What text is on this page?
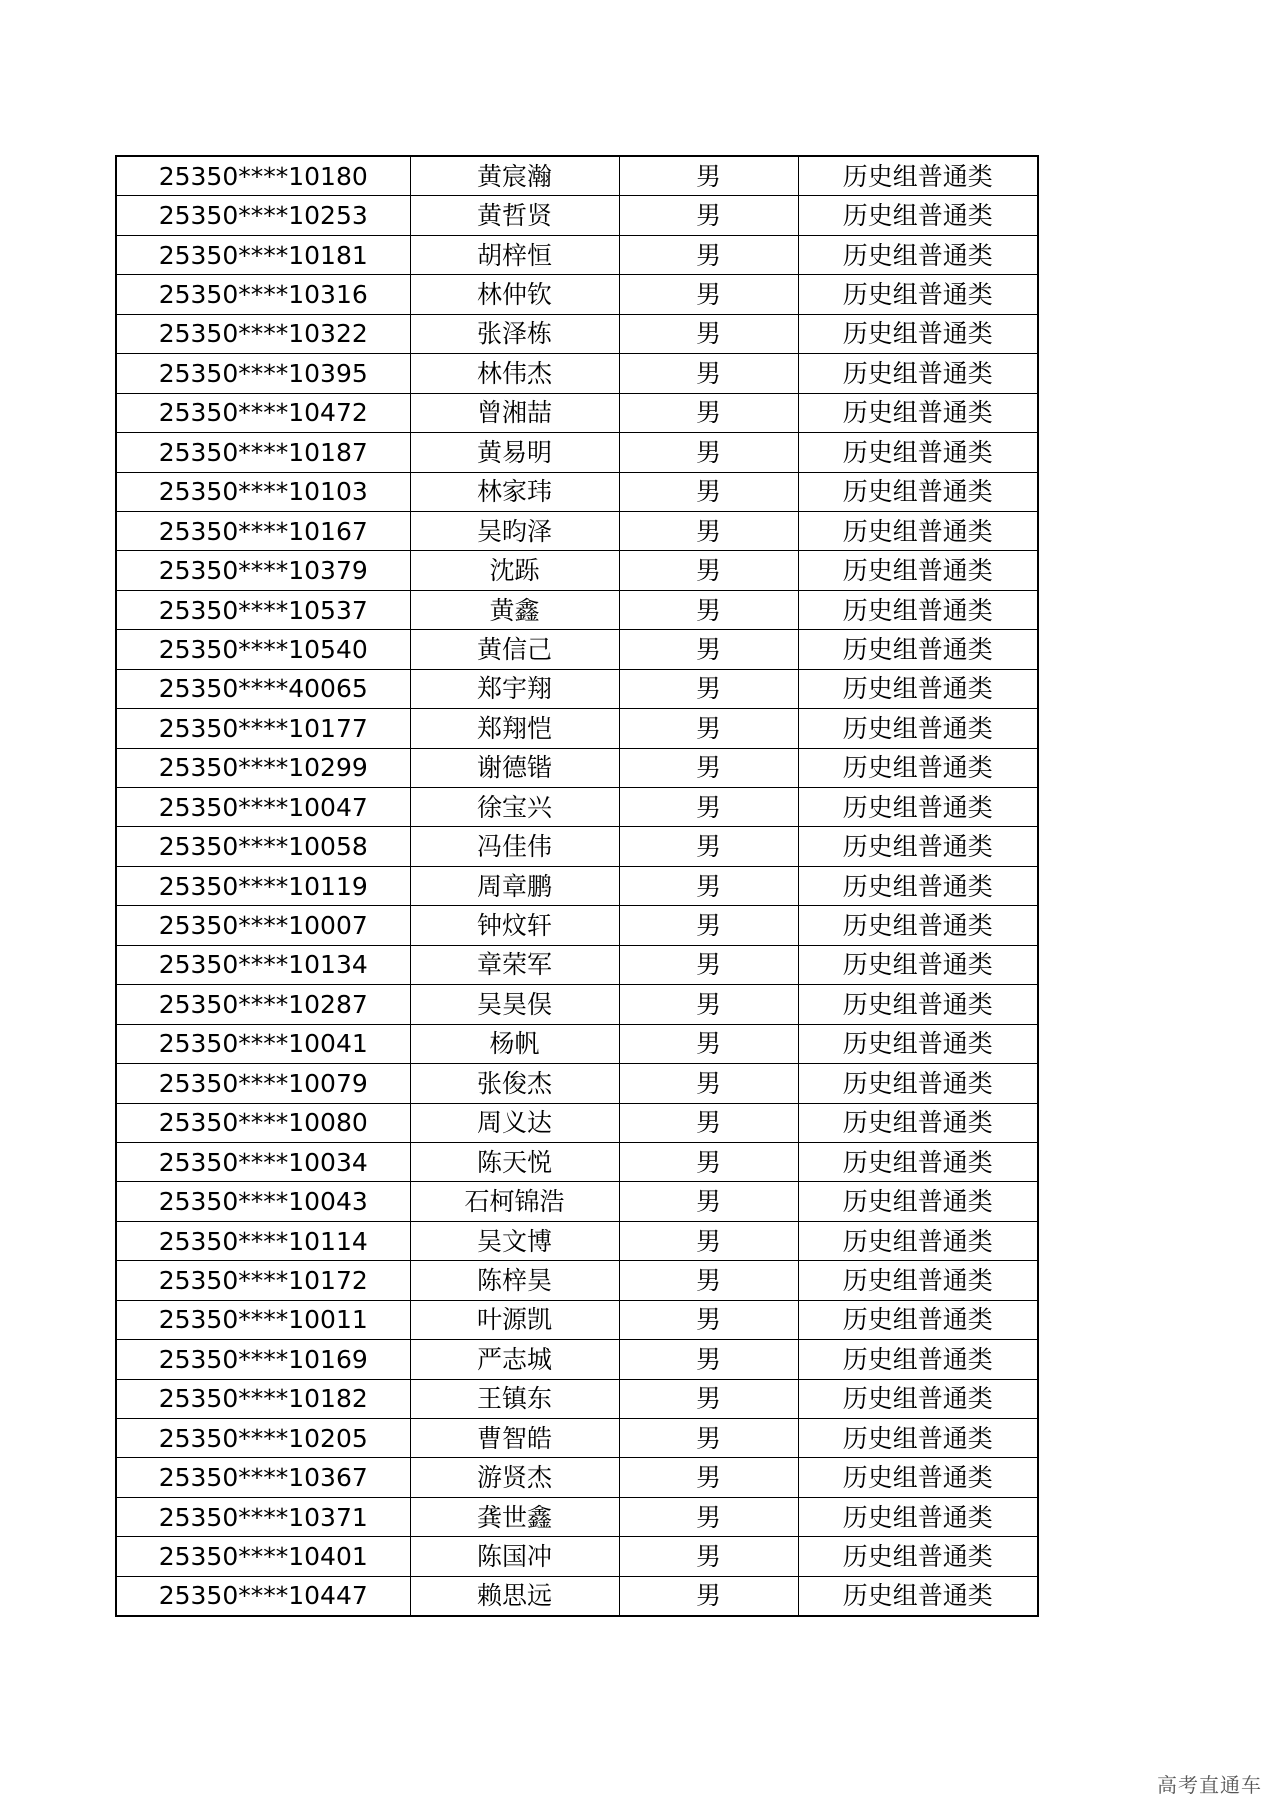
25350****10180	黄宸瀚	男	历史组普通类
25350****10253	黄哲贤	男	历史组普通类
25350****10181	胡梓恒	男	历史组普通类
25350****10316	林仲钦	男	历史组普通类
25350****10322	张泽栋	男	历史组普通类
25350****10395	林伟杰	男	历史组普通类
25350****10472	曾湘喆	男	历史组普通类
25350****10187	黄易明	男	历史组普通类
25350****10103	林家玮	男	历史组普通类
25350****10167	吴昀泽	男	历史组普通类
25350****10379	沈跞	男	历史组普通类
25350****10537	黄鑫	男	历史组普通类
25350****10540	黄信己	男	历史组普通类
25350****40065	郑宇翔	男	历史组普通类
25350****10177	郑翔恺	男	历史组普通类
25350****10299	谢德锴	男	历史组普通类
25350****10047	徐宝兴	男	历史组普通类
25350****10058	冯佳伟	男	历史组普通类
25350****10119	周章鹏	男	历史组普通类
25350****10007	钟炆轩	男	历史组普通类
25350****10134	章荣军	男	历史组普通类
25350****10287	吴昊俣	男	历史组普通类
25350****10041	杨帆	男	历史组普通类
25350****10079	张俊杰	男	历史组普通类
25350****10080	周义达	男	历史组普通类
25350****10034	陈天悦	男	历史组普通类
25350****10043	石柯锦浩	男	历史组普通类
25350****10114	吴文博	男	历史组普通类
25350****10172	陈梓昊	男	历史组普通类
25350****10011	叶源凯	男	历史组普通类
25350****10169	严志城	男	历史组普通类
25350****10182	王镇东	男	历史组普通类
25350****10205	曹智皓	男	历史组普通类
25350****10367	游贤杰	男	历史组普通类
25350****10371	龚世鑫	男	历史组普通类
25350****10401	陈国冲	男	历史组普通类
25350****10447	赖思远	男	历史组普通类
高考直通车
